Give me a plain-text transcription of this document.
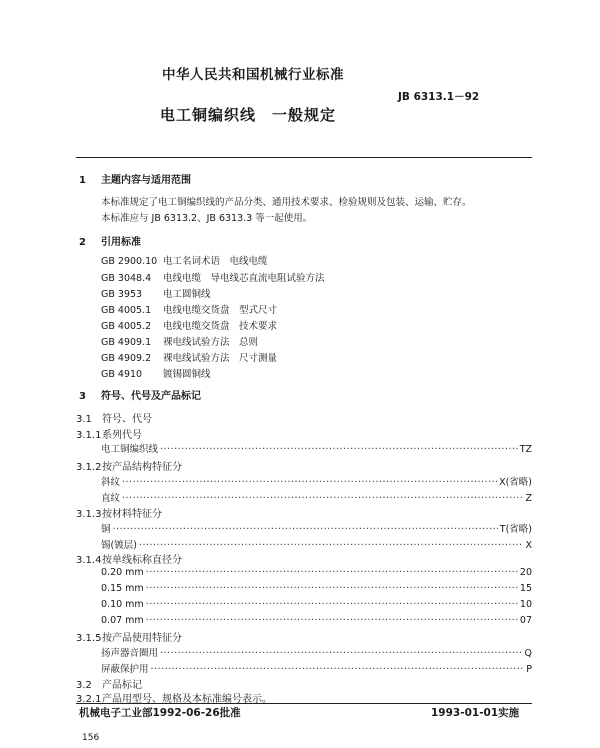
中华人民共和国机械行业标准
JB 6313.1－92
电工铜编织线　一般规定
1 主题内容与适用范围
本标准规定了电工铜编织线的产品分类、通用技术要求、检验规则及包装、运输、贮存。
本标准应与 JB 6313.2、JB 6313.3 等一起使用。
2 引用标准
GB 2900.10 电工名词术语　电线电缆
GB 3048.4 电线电缆　导电线芯直流电阻试验方法
GB 3953 电工圆铜线
GB 4005.1 电线电缆交货盘　型式尺寸
GB 4005.2 电线电缆交货盘　技术要求
GB 4909.1 裸电线试验方法　总则
GB 4909.2 裸电线试验方法　尺寸测量
GB 4910 镀锡圆铜线
3 符号、代号及产品标记
3.1 符号、代号
3.1.1系列代号
电工铜编织线 ·····	TZ
3.1.2按产品结构特征分
斜纹 ·····	X(省略)
直纹 ·····	Z
3.1.3按材料特征分
铜 ·····	T(省略)
锡(镀层) ·····	X
3.1.4按单线标称直径分
0.20 mm ·····	20
0.15 mm ·····	15
0.10 mm ·····	10
0.07 mm ·····	07
3.1.5按产品使用特征分
扬声器音圈用 ·····	Q
屏蔽保护用 ·····	P
3.2 产品标记
3.2.1产品用型号、规格及本标准编号表示。
机械电子工业部1992-06-26批准	1993-01-01实施
156
